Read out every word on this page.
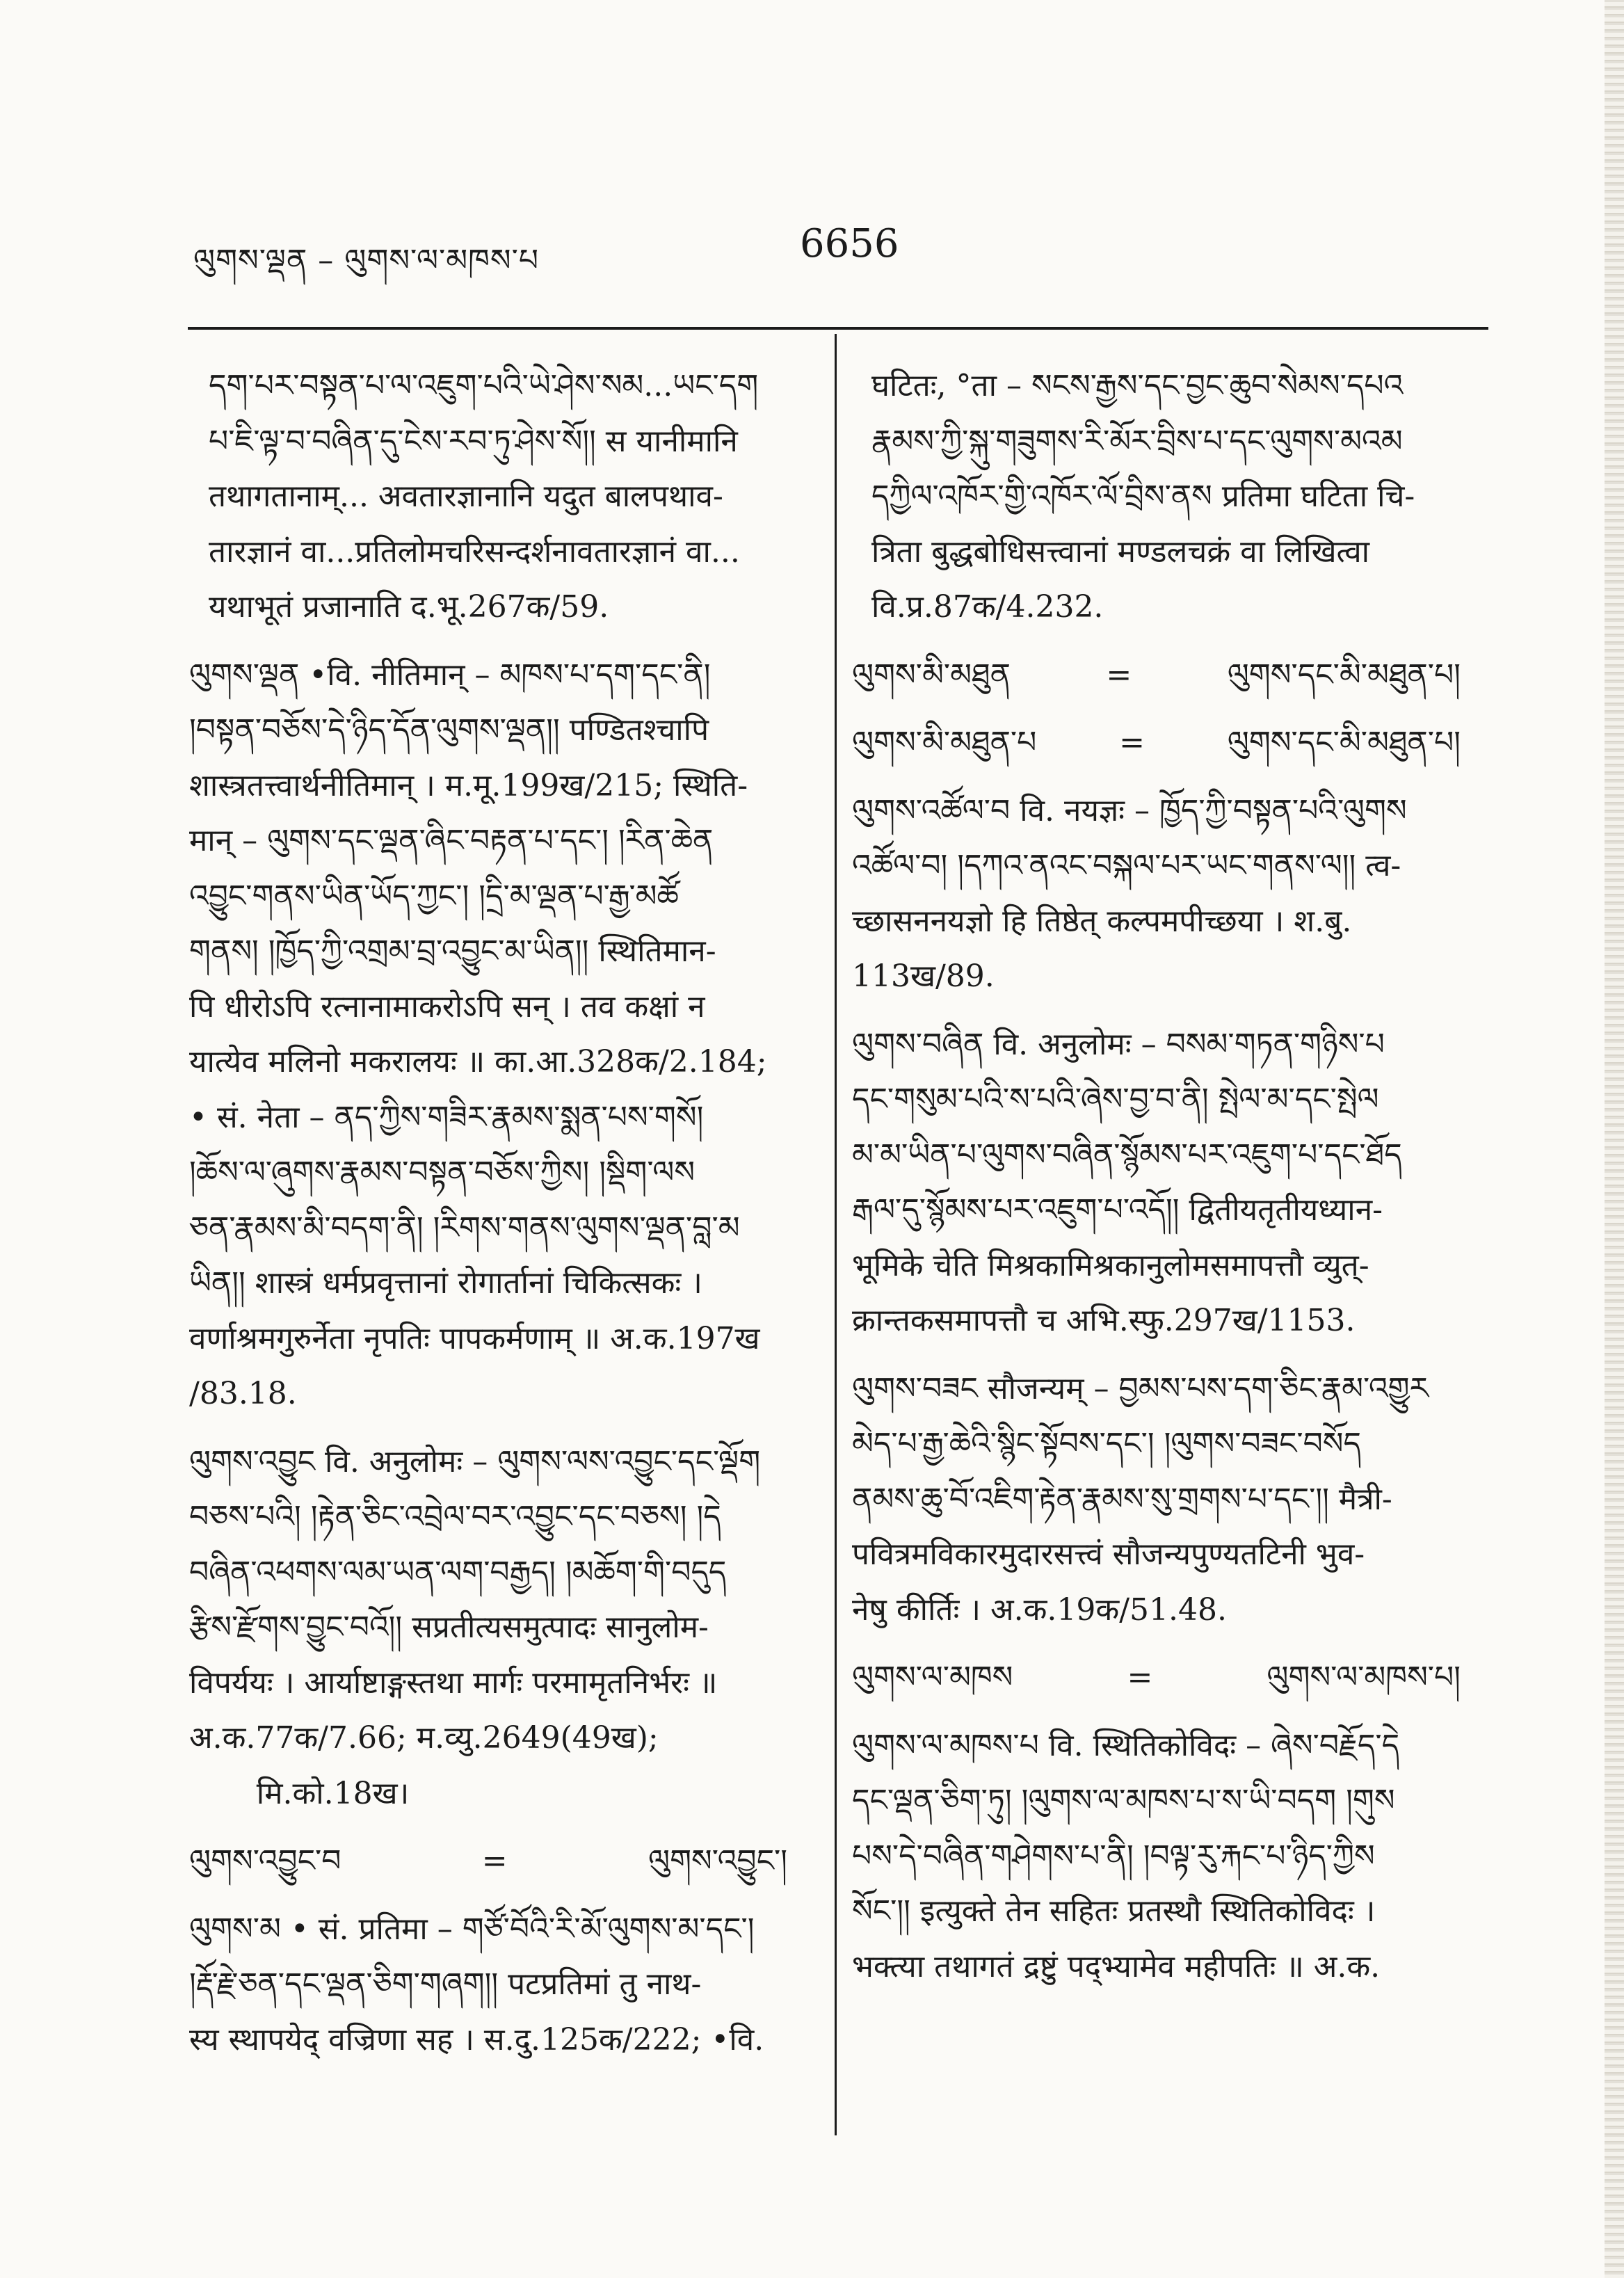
ལུགས་ལྡན – ལུགས་ལ་མཁས་པ	6656
དག་པར་བསྟན་པ་ལ་འཇུག་པའི་ཡེ་ཤེས་སམ...ཡང་དག
པ་ཇི་ལྟ་བ་བཞིན་དུ་ངེས་རབ་ཏུ་ཤེས་སོ།། स यानीमानि
तथागतानाम्... अवतारज्ञानानि यदुत बालपथाव-
तारज्ञानं वा...प्रतिलोमचरिसन्दर्शनावतारज्ञानं वा...
यथाभूतं प्रजानाति द.भू.267क/59.
ལུགས་ལྡན •वि. नीतिमान् – མཁས་པ་དག་དང་ནི།
།བསྟན་བཅོས་དེ་ཉིད་དོན་ལུགས་ལྡན།། पण्डितश्चापि
शास्त्रतत्त्वार्थनीतिमान् । म.मू.199ख/215; स्थिति-
मान् – ལུགས་དང་ལྡན་ཞིང་བརྟན་པ་དང་། །རིན་ཆེན
འབྱུང་གནས་ཡིན་ཡོད་ཀྱང་། །དྲི་མ་ལྡན་པ་རྒྱ་མཚོ
གནས། །ཁྱོད་ཀྱི་འགྲམ་བྲ་འབྱུང་མ་ཡིན།། स्थितिमान-
पि धीरोऽपि रत्नानामाकरोऽपि सन् । तव कक्षां न
यात्येव मलिनो मकरालयः ॥ का.आ.328क/2.184;
• सं. नेता – ནད་ཀྱིས་གཟིར་རྣམས་སྨན་པས་གསོ།
།ཆོས་ལ་ཞུགས་རྣམས་བསྟན་བཅོས་ཀྱིས། །སྡིག་ལས
ཅན་རྣམས་མི་བདག་ནི། །རིགས་གནས་ལུགས་ལྡན་བླ་མ
ཡིན།། शास्त्रं धर्मप्रवृत्तानां रोगार्तानां चिकित्सकः ।
वर्णाश्रमगुरुर्नेता नृपतिः पापकर्मणाम् ॥ अ.क.197ख
/83.18.
ལུགས་འབྱུང वि. अनुलोमः – ལུགས་ལས་འབྱུང་དང་ལྡོག
བཅས་པའི། །རྟེན་ཅིང་འབྲེལ་བར་འབྱུང་དང་བཅས། །དེ
བཞིན་འཕགས་ལམ་ཡན་ལག་བརྒྱད། །མཆོག་གི་བདུད
རྩིས་རྫོགས་བྱུང་བའོ།། सप्रतीत्यसमुत्पादः सानुलोम-
विपर्ययः । आर्याष्टाङ्गस्तथा मार्गः परमामृतनिर्भरः ॥
अ.क.77क/7.66; म.व्यु.2649(49ख); मि.को.18ख।
ལུགས་འབྱུང་བ	=	ལུགས་འབྱུང་།
ལུགས་མ • सं. प्रतिमा – གཙོ་བོའི་རི་མོ་ལུགས་མ་དང་།
།རྡོ་རྗེ་ཅན་དང་ལྡན་ཅིག་གཞག།། पटप्रतिमां तु नाथ-
स्य स्थापयेद् वज्रिणा सह । स.दु.125क/222; •वि.
घटितः, °ता – སངས་རྒྱས་དང་བྱང་ཆུབ་སེམས་དཔའ
རྣམས་ཀྱི་སྐུ་གཟུགས་རི་མོར་བྲིས་པ་དང་ལུགས་མའམ
དཀྱིལ་འཁོར་གྱི་འཁོར་ལོ་བྲིས་ནས प्रतिमा घटिता चि-
त्रिता बुद्धबोधिसत्त्वानां मण्डलचक्रं वा लिखित्वा
वि.प्र.87क/4.232.
ལུགས་མི་མཐུན	=	ལུགས་དང་མི་མཐུན་པ།
ལུགས་མི་མཐུན་པ	=	ལུགས་དང་མི་མཐུན་པ།
ལུགས་འཚོལ་བ वि. नयज्ञः – ཁྱོད་ཀྱི་བསྟན་པའི་ལུགས
འཚོལ་བ། །དཀའ་ནའང་བསྐལ་པར་ཡང་གནས་ལ།། त्व-
च्छासननयज्ञो हि तिष्ठेत् कल्पमपीच्छया । श.बु.
113ख/89.
ལུགས་བཞིན वि. अनुलोमः – བསམ་གཏན་གཉིས་པ
དང་གསུམ་པའི་ས་པའི་ཞེས་བྱ་བ་ནི། སྤེལ་མ་དང་སྤེལ
མ་མ་ཡིན་པ་ལུགས་བཞིན་སྙོམས་པར་འཇུག་པ་དང་ཐོད
རྒལ་དུ་སྙོམས་པར་འཇུག་པ་འདོ།། द्वितीयतृतीयध्यान-
भूमिके चेति मिश्रकामिश्रकानुलोमसमापत्तौ व्युत्-
क्रान्तकसमापत्तौ च अभि.स्फु.297ख/1153.
ལུགས་བཟང सौजन्यम् – བྱམས་པས་དག་ཅིང་རྣམ་འགྱུར
མེད་པ་རྒྱ་ཆེའི་སྙིང་སྟོབས་དང་། །ལུགས་བཟང་བསོད
ནམས་ཆུ་བོ་འཇིག་རྟེན་རྣམས་སུ་གྲགས་པ་དང་།། मैत्री-
पवित्रमविकारमुदारसत्त्वं सौजन्यपुण्यतटिनी भुव-
नेषु कीर्तिः । अ.क.19क/51.48.
ལུགས་ལ་མཁས	=	ལུགས་ལ་མཁས་པ།
ལུགས་ལ་མཁས་པ वि. स्थितिकोविदः – ཞེས་བརྗོད་དེ
དང་ལྡན་ཅིག་ཏུ། །ལུགས་ལ་མཁས་པ་ས་ཡི་བདག །གུས
པས་དེ་བཞིན་གཤེགས་པ་ནི། །བལྟ་རུ་རྐང་པ་ཉིད་ཀྱིས
སོང་།། इत्युक्ते तेन सहितः प्रतस्थौ स्थितिकोविदः ।
भक्त्या तथागतं द्रष्टुं पद्भ्यामेव महीपतिः ॥ अ.क.
